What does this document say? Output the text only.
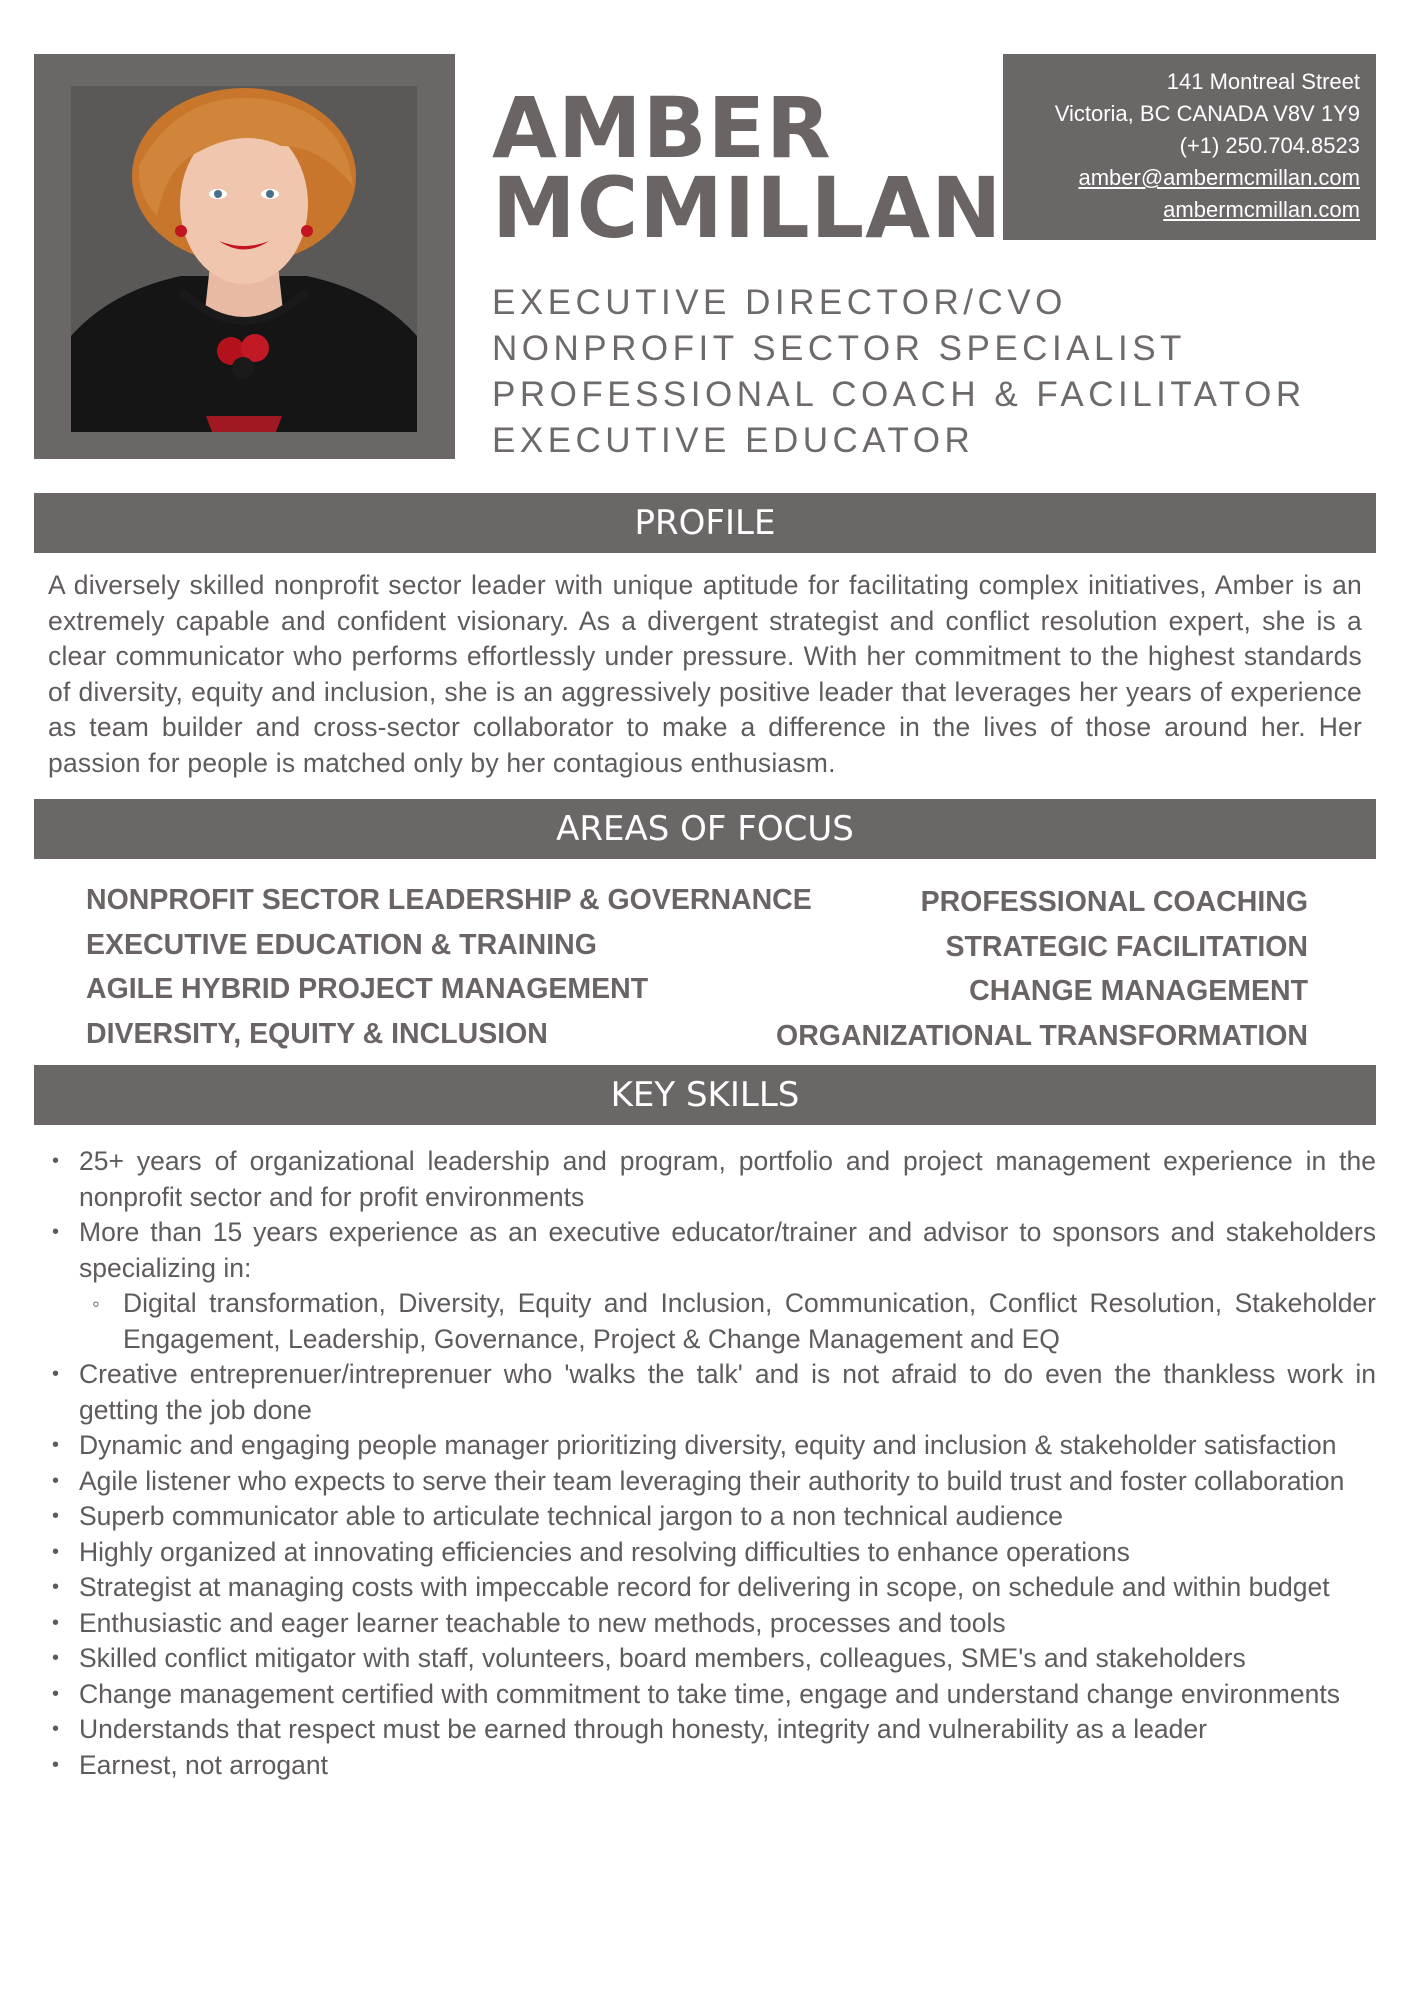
AMBER
MCMILLAN
141 Montreal Street
Victoria, BC CANADA V8V 1Y9
(+1) 250.704.8523
amber@ambermcmillan.com
ambermcmillan.com
EXECUTIVE DIRECTOR/CVO
NONPROFIT SECTOR SPECIALIST
PROFESSIONAL COACH & FACILITATOR
EXECUTIVE EDUCATOR
PROFILE
A diversely skilled nonprofit sector leader with unique aptitude for facilitating complex initiatives, Amber is an extremely capable and confident visionary. As a divergent strategist and conflict resolution expert, she is a clear communicator who performs effortlessly under pressure. With her commitment to the highest standards of diversity, equity and inclusion, she is an aggressively positive leader that leverages her years of experience as team builder and cross-sector collaborator to make a difference in the lives of those around her. Her passion for people is matched only by her contagious enthusiasm.
AREAS OF FOCUS
NONPROFIT SECTOR LEADERSHIP & GOVERNANCE
EXECUTIVE EDUCATION & TRAINING
AGILE HYBRID PROJECT MANAGEMENT
DIVERSITY, EQUITY & INCLUSION
PROFESSIONAL COACHING
STRATEGIC FACILITATION
CHANGE MANAGEMENT
ORGANIZATIONAL TRANSFORMATION
KEY SKILLS
• 25+ years of organizational leadership and program, portfolio and project management experience in the nonprofit sector and for profit environments
• More than 15 years experience as an executive educator/trainer and advisor to sponsors and stakeholders specializing in:
◦ Digital transformation, Diversity, Equity and Inclusion, Communication, Conflict Resolution, Stakeholder Engagement, Leadership, Governance, Project & Change Management and EQ
• Creative entreprenuer/intreprenuer who 'walks the talk' and is not afraid to do even the thankless work in getting the job done
• Dynamic and engaging people manager prioritizing diversity, equity and inclusion & stakeholder satisfaction
• Agile listener who expects to serve their team leveraging their authority to build trust and foster collaboration
• Superb communicator able to articulate technical jargon to a non technical audience
• Highly organized at innovating efficiencies and resolving difficulties to enhance operations
• Strategist at managing costs with impeccable record for delivering in scope, on schedule and within budget
• Enthusiastic and eager learner teachable to new methods, processes and tools
• Skilled conflict mitigator with staff, volunteers, board members, colleagues, SME's and stakeholders
• Change management certified with commitment to take time, engage and understand change environments
• Understands that respect must be earned through honesty, integrity and vulnerability as a leader
• Earnest, not arrogant
